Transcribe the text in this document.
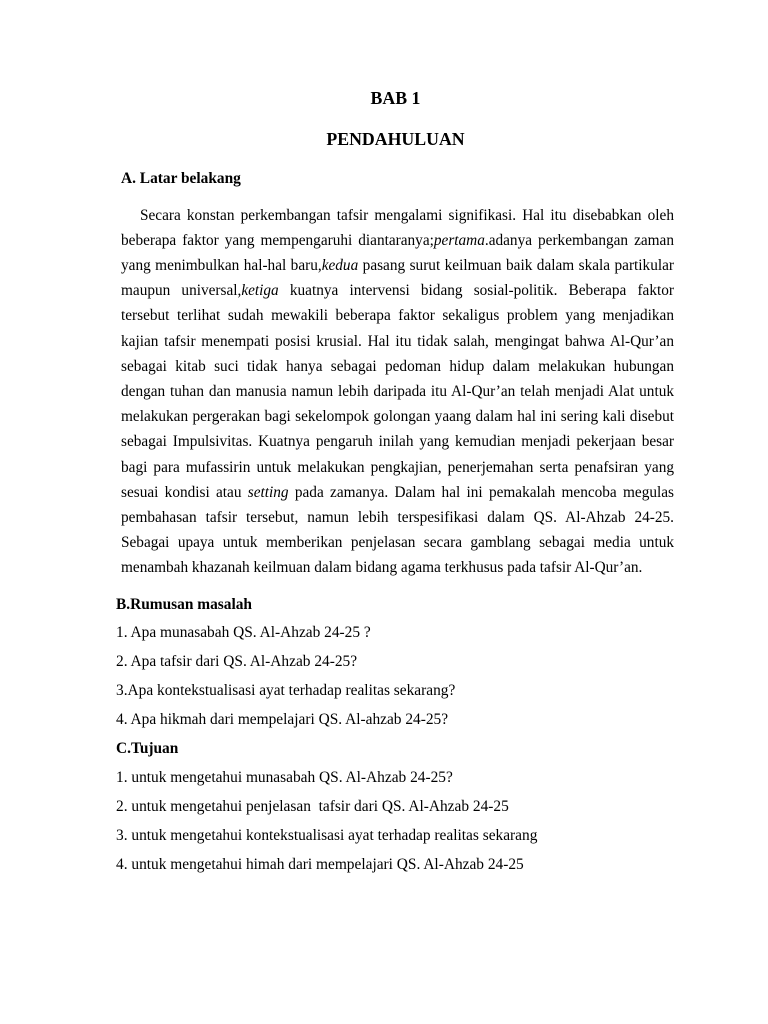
BAB 1
PENDAHULUAN
A. Latar belakang
Secara konstan perkembangan tafsir mengalami signifikasi. Hal itu disebabkan oleh
beberapa faktor yang mempengaruhi diantaranya;pertama.adanya perkembangan zaman
yang menimbulkan hal-hal baru,kedua pasang surut keilmuan baik dalam skala partikular
maupun universal,ketiga kuatnya intervensi bidang sosial-politik. Beberapa faktor
tersebut terlihat sudah mewakili beberapa faktor sekaligus problem yang menjadikan
kajian tafsir menempati posisi krusial. Hal itu tidak salah, mengingat bahwa Al-Qur’an
sebagai kitab suci tidak hanya sebagai pedoman hidup dalam melakukan hubungan
dengan tuhan dan manusia namun lebih daripada itu Al-Qur’an telah menjadi Alat untuk
melakukan pergerakan bagi sekelompok golongan yaang dalam hal ini sering kali disebut
sebagai Impulsivitas. Kuatnya pengaruh inilah yang kemudian menjadi pekerjaan besar
bagi para mufassirin untuk melakukan pengkajian, penerjemahan serta penafsiran yang
sesuai kondisi atau setting pada zamanya. Dalam hal ini pemakalah mencoba megulas
pembahasan tafsir tersebut, namun lebih terspesifikasi dalam QS. Al-Ahzab 24-25.
Sebagai upaya untuk memberikan penjelasan secara gamblang sebagai media untuk
menambah khazanah keilmuan dalam bidang agama terkhusus pada tafsir Al-Qur’an.
B.Rumusan masalah
1. Apa munasabah QS. Al-Ahzab 24-25 ?
2. Apa tafsir dari QS. Al-Ahzab 24-25?
3.Apa kontekstualisasi ayat terhadap realitas sekarang?
4. Apa hikmah dari mempelajari QS. Al-ahzab 24-25?
C.Tujuan
1. untuk mengetahui munasabah QS. Al-Ahzab 24-25?
2. untuk mengetahui penjelasan  tafsir dari QS. Al-Ahzab 24-25
3. untuk mengetahui kontekstualisasi ayat terhadap realitas sekarang
4. untuk mengetahui himah dari mempelajari QS. Al-Ahzab 24-25
